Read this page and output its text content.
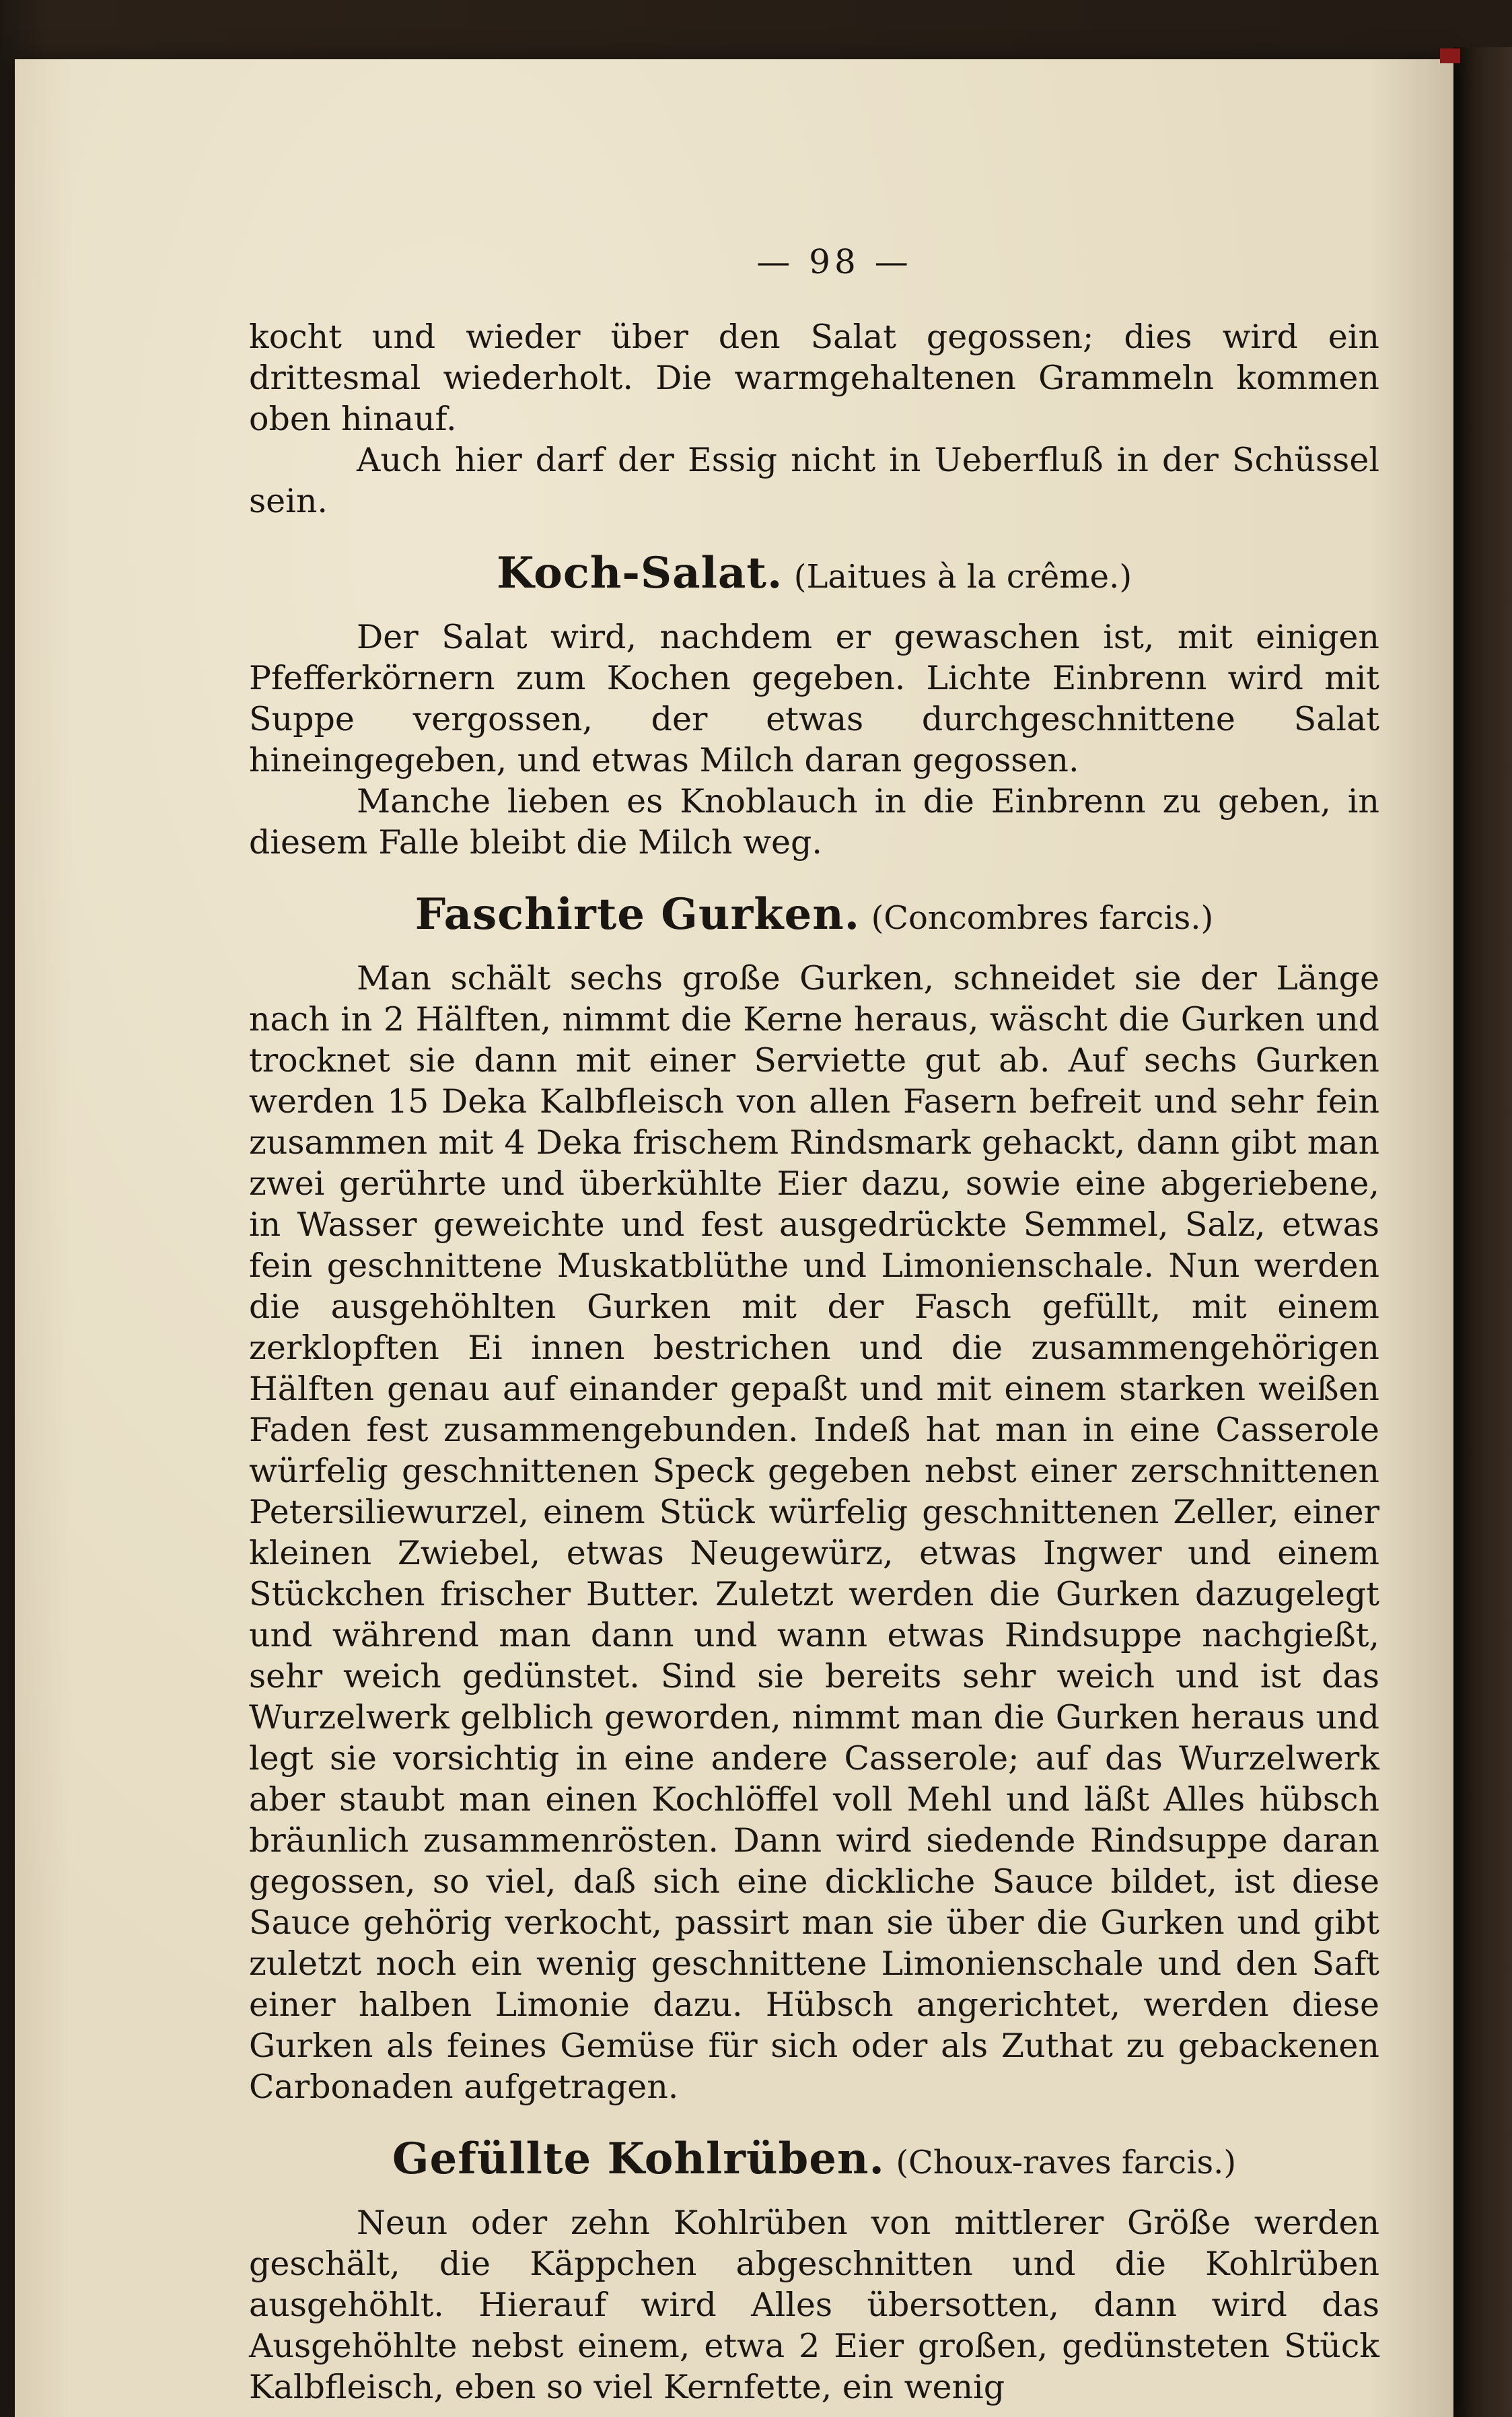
— 98 —

kocht und wieder über den Salat gegossen; dies wird ein drittesmal wiederholt. Die warmgehaltenen Grammeln kommen oben hinauf.

Auch hier darf der Essig nicht in Ueberfluß in der Schüssel sein.

Koch-Salat. (Laitues à la crême.)

Der Salat wird, nachdem er gewaschen ist, mit einigen Pfefferkörnern zum Kochen gegeben. Lichte Einbrenn wird mit Suppe vergossen, der etwas durchgeschnittene Salat hineingegeben, und etwas Milch daran gegossen.

Manche lieben es Knoblauch in die Einbrenn zu geben, in diesem Falle bleibt die Milch weg.

Faschirte Gurken. (Concombres farcis.)

Man schält sechs große Gurken, schneidet sie der Länge nach in 2 Hälften, nimmt die Kerne heraus, wäscht die Gurken und trocknet sie dann mit einer Serviette gut ab. Auf sechs Gurken werden 15 Deka Kalbfleisch von allen Fasern befreit und sehr fein zusammen mit 4 Deka frischem Rindsmark gehackt, dann gibt man zwei gerührte und überkühlte Eier dazu, sowie eine abgeriebene, in Wasser geweichte und fest ausgedrückte Semmel, Salz, etwas fein geschnittene Muskatblüthe und Limonienschale. Nun werden die ausgehöhlten Gurken mit der Fasch gefüllt, mit einem zerklopften Ei innen bestrichen und die zusammengehörigen Hälften genau auf einander gepaßt und mit einem starken weißen Faden fest zusammengebunden. Indeß hat man in eine Casserole würfelig geschnittenen Speck gegeben nebst einer zerschnittenen Petersiliewurzel, einem Stück würfelig geschnittenen Zeller, einer kleinen Zwiebel, etwas Neugewürz, etwas Ingwer und einem Stückchen frischer Butter. Zuletzt werden die Gurken dazugelegt und während man dann und wann etwas Rindsuppe nachgießt, sehr weich gedünstet. Sind sie bereits sehr weich und ist das Wurzelwerk gelblich geworden, nimmt man die Gurken heraus und legt sie vorsichtig in eine andere Casserole; auf das Wurzelwerk aber staubt man einen Kochlöffel voll Mehl und läßt Alles hübsch bräunlich zusammenrösten. Dann wird siedende Rindsuppe daran gegossen, so viel, daß sich eine dickliche Sauce bildet, ist diese Sauce gehörig verkocht, passirt man sie über die Gurken und gibt zuletzt noch ein wenig geschnittene Limonienschale und den Saft einer halben Limonie dazu. Hübsch angerichtet, werden diese Gurken als feines Gemüse für sich oder als Zuthat zu gebackenen Carbonaden aufgetragen.

Gefüllte Kohlrüben. (Choux-raves farcis.)

Neun oder zehn Kohlrüben von mittlerer Größe werden geschält, die Käppchen abgeschnitten und die Kohlrüben ausgehöhlt. Hierauf wird Alles übersotten, dann wird das Ausgehöhlte nebst einem, etwa 2 Eier großen, gedünsteten Stück Kalbfleisch, eben so viel Kernfette, ein wenig
